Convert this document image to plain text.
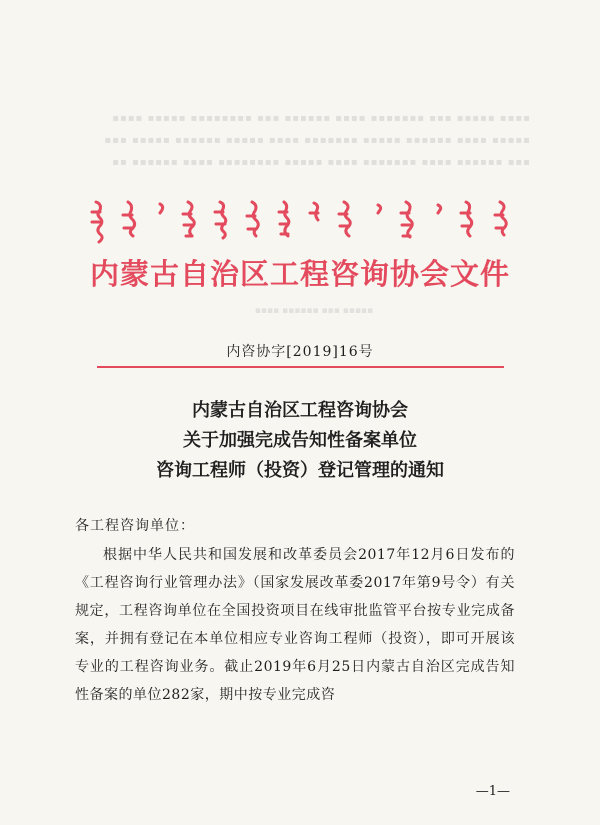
▪▪▪▪ ▪▪▪▪▪ ▪▪▪ ▪▪▪▪▪▪▪ ▪▪▪▪ ▪▪▪▪▪▪ ▪▪▪ ▪▪▪▪▪▪▪▪ ▪▪▪▪▪ ▪▪▪▪
▪▪▪▪▪ ▪▪▪▪ ▪▪▪▪▪▪ ▪▪▪▪▪ ▪▪▪▪▪▪▪ ▪▪▪▪ ▪▪▪▪▪ ▪▪▪▪▪▪ ▪▪▪▪▪ ▪▪▪
▪▪▪ ▪▪▪▪▪▪ ▪▪▪▪ ▪▪▪▪▪▪▪ ▪▪▪▪ ▪▪▪▪▪ ▪▪▪▪▪▪▪▪ ▪▪▪▪ ▪▪▪▪▪▪ ▪▪
内蒙古自治区工程咨询协会文件
▪▪▪▪▪ ▪▪▪ ▪▪▪▪▪▪ ▪▪▪▪
内咨协字[2019]16号
内蒙古自治区工程咨询协会
关于加强完成告知性备案单位
咨询工程师（投资）登记管理的通知
各工程咨询单位：

根据中华人民共和国发展和改革委员会2017年12月6日发布的《工程咨询行业管理办法》（国家发展改革委2017年第9号令）有关规定，工程咨询单位在全国投资项目在线审批监管平台按专业完成备案，并拥有登记在本单位相应专业咨询工程师（投资），即可开展该专业的工程咨询业务。截止2019年6月25日内蒙古自治区完成告知性备案的单位282家，期中按专业完成咨

—1—
